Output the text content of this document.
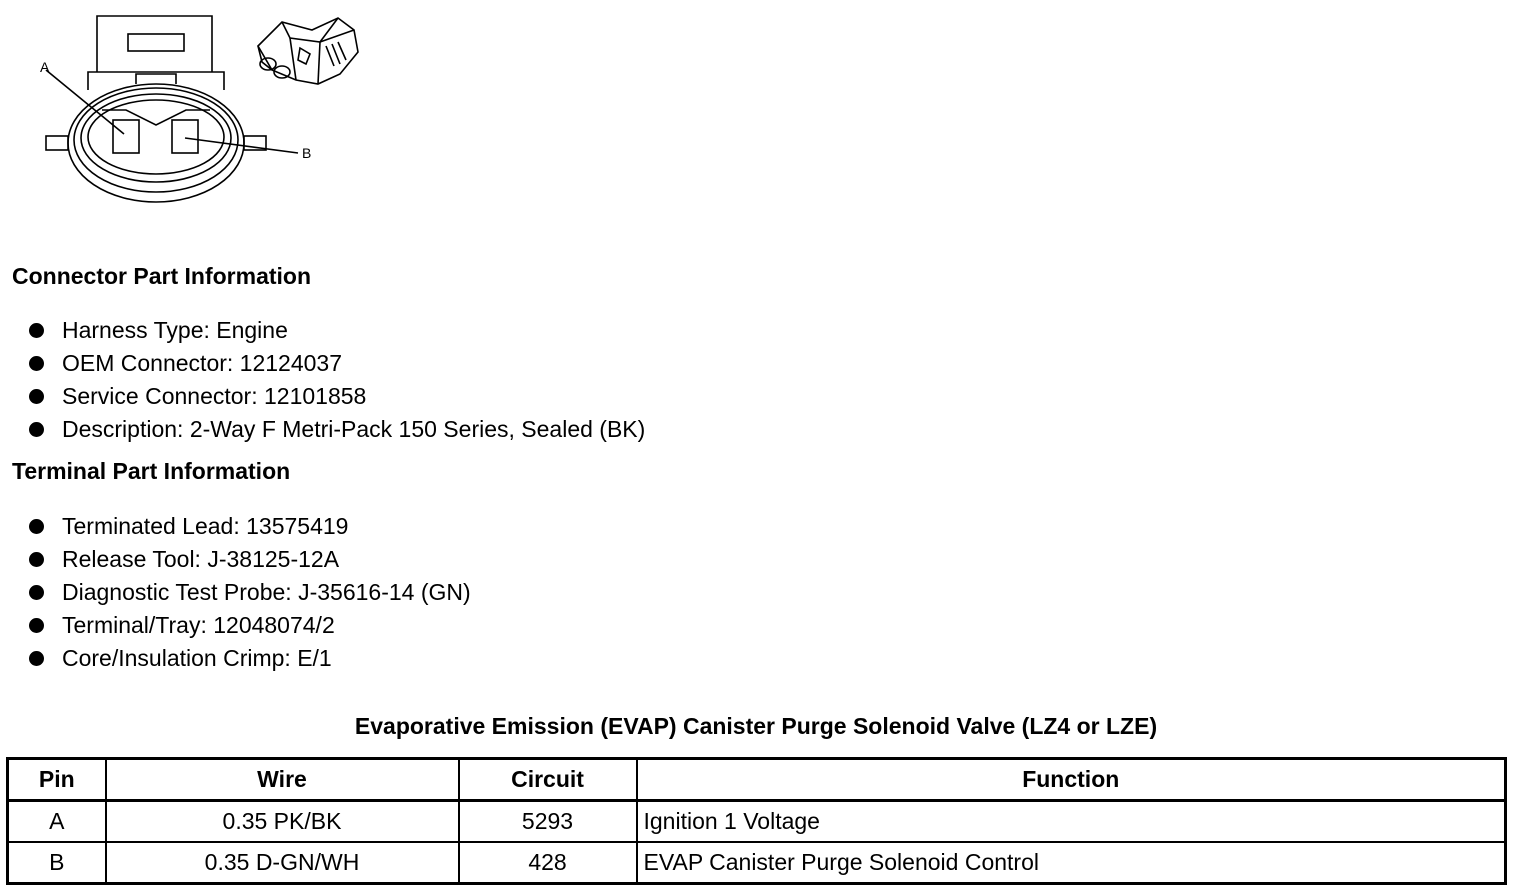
A
B
Connector Part Information
Harness Type: Engine
OEM Connector: 12124037
Service Connector: 12101858
Description: 2-Way F Metri-Pack 150 Series, Sealed (BK)
Terminal Part Information
Terminated Lead: 13575419
Release Tool: J-38125-12A
Diagnostic Test Probe: J-35616-14 (GN)
Terminal/Tray: 12048074/2
Core/Insulation Crimp: E/1
Evaporative Emission (EVAP) Canister Purge Solenoid Valve (LZ4 or LZE)
Pin	Wire	Circuit	Function
A	0.35 PK/BK	5293	Ignition 1 Voltage
B	0.35 D-GN/WH	428	EVAP Canister Purge Solenoid Control
